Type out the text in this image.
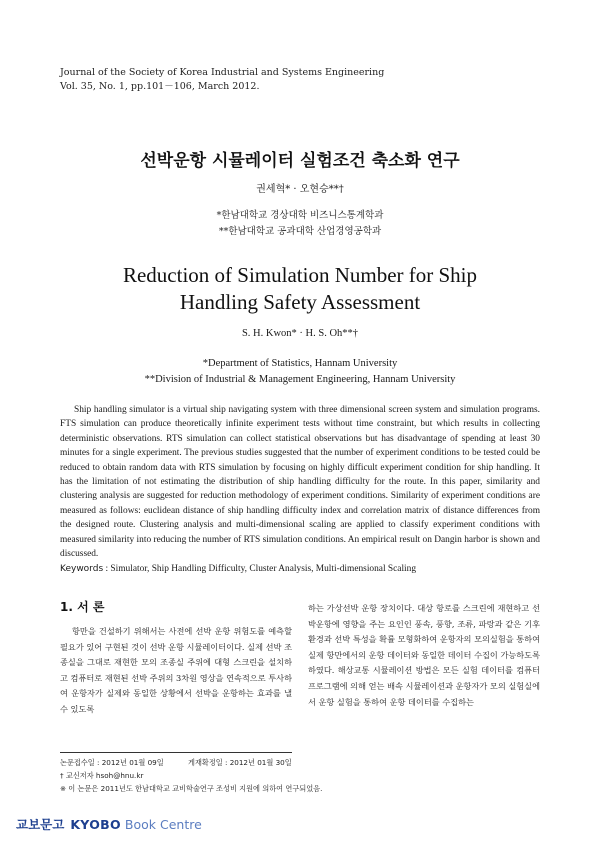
Journal of the Society of Korea Industrial and Systems Engineering
Vol. 35, No. 1, pp.101－106, March 2012.
선박운항 시뮬레이터 실험조건 축소화 연구
권세혁* · 오현승**†
*한남대학교 경상대학 비즈니스통계학과
**한남대학교 공과대학 산업경영공학과
Reduction of Simulation Number for Ship
Handling Safety Assessment
S. H. Kwon* · H. S. Oh**†
*Department of Statistics, Hannam University
**Division of Industrial & Management Engineering, Hannam University

Ship handling simulator is a virtual ship navigating system with three dimensional screen system and simulation programs. FTS simulation can produce theoretically infinite experiment tests without time constraint, but which results in collecting deterministic observations. RTS simulation can collect statistical observations but has disadvantage of spending at least 30 minutes for a single experiment. The previous studies suggested that the number of experiment conditions to be tested could be reduced to obtain random data with RTS simulation by focusing on highly difficult experiment condition for ship handling. It has the limitation of not estimating the distribution of ship handling difficulty for the route. In this paper, similarity and clustering analysis are suggested for reduction methodology of experiment conditions. Similarity of experiment conditions are measured as follows: euclidean distance of ship handling difficulty index and correlation matrix of distance differences from the designed route. Clustering analysis and multi-dimensional scaling are applied to classify experiment conditions with measured similarity into reducing the number of RTS simulation conditions. An empirical result on Dangin harbor is shown and discussed.

Keywords : Simulator, Ship Handling Difficulty, Cluster Analysis, Multi-dimensional Scaling
1. 서 론

항만을 건설하기 위해서는 사전에 선박 운항 위험도를 예측할 필요가 있어 구현된 것이 선박 운항 시뮬레이터이다. 실제 선박 조종실을 그대로 재현한 모의 조종실 주위에 대형 스크린을 설치하고 컴퓨터로 재현된 선박 주위의 3차원 영상을 연속적으로 투사하여 운항자가 실제와 동일한 상황에서 선박을 운항하는 효과를 낼 수 있도록

하는 가상선박 운항 장치이다. 대상 항로를 스크린에 재현하고 선박운항에 영향을 주는 요인인 풍속, 풍향, 조류, 파랑과 같은 기후 환경과 선박 특성을 확률 모형화하여 운항자의 모의실험을 통하여 실제 항만에서의 운항 데이터와 동일한 데이터 수집이 가능하도록 하였다. 해상교통 시뮬레이션 방법은 모든 실험 데이터를 컴퓨터 프로그램에 의해 얻는 배속 시뮬레이션과 운항자가 모의 실험실에서 운항 실험을 통하여 운항 데이터를 수집하는

논문접수일 : 2012년 01월 09일	게재확정일 : 2012년 01월 30일
† 교신저자 hsoh@hnu.kr
※ 이 논문은 2011년도 한남대학교 교비학술연구 조성비 지원에 의하여 연구되었음.
교보문고 KYOBO Book Centre
